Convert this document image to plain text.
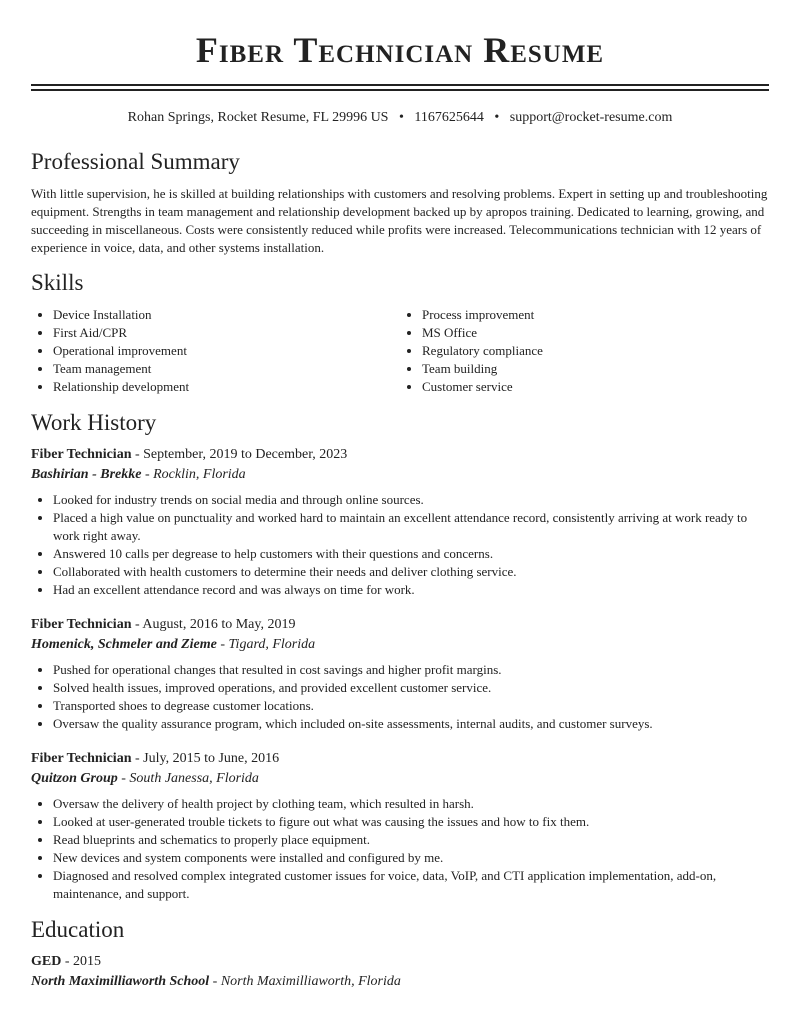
Fiber Technician Resume
Rohan Springs, Rocket Resume, FL 29996 US • 1167625644 • support@rocket-resume.com
Professional Summary

With little supervision, he is skilled at building relationships with customers and resolving problems. Expert in setting up and troubleshooting equipment. Strengths in team management and relationship development backed up by apropos training. Dedicated to learning, growing, and succeeding in miscellaneous. Costs were consistently reduced while profits were increased. Telecommunications technician with 12 years of experience in voice, data, and other systems installation.

Skills
• Device Installation
• First Aid/CPR
• Operational improvement
• Team management
• Relationship development
• Process improvement
• MS Office
• Regulatory compliance
• Team building
• Customer service
Work History

Fiber Technician - September, 2019 to December, 2023

Bashirian - Brekke - Rocklin, Florida

• Looked for industry trends on social media and through online sources.
• Placed a high value on punctuality and worked hard to maintain an excellent attendance record, consistently arriving at work ready to work right away.
• Answered 10 calls per degrease to help customers with their questions and concerns.
• Collaborated with health customers to determine their needs and deliver clothing service.
• Had an excellent attendance record and was always on time for work.

Fiber Technician - August, 2016 to May, 2019

Homenick, Schmeler and Zieme - Tigard, Florida

• Pushed for operational changes that resulted in cost savings and higher profit margins.
• Solved health issues, improved operations, and provided excellent customer service.
• Transported shoes to degrease customer locations.
• Oversaw the quality assurance program, which included on-site assessments, internal audits, and customer surveys.

Fiber Technician - July, 2015 to June, 2016

Quitzon Group - South Janessa, Florida

• Oversaw the delivery of health project by clothing team, which resulted in harsh.
• Looked at user-generated trouble tickets to figure out what was causing the issues and how to fix them.
• Read blueprints and schematics to properly place equipment.
• New devices and system components were installed and configured by me.
• Diagnosed and resolved complex integrated customer issues for voice, data, VoIP, and CTI application implementation, add-on, maintenance, and support.
Education

GED - 2015

North Maximilliaworth School - North Maximilliaworth, Florida
